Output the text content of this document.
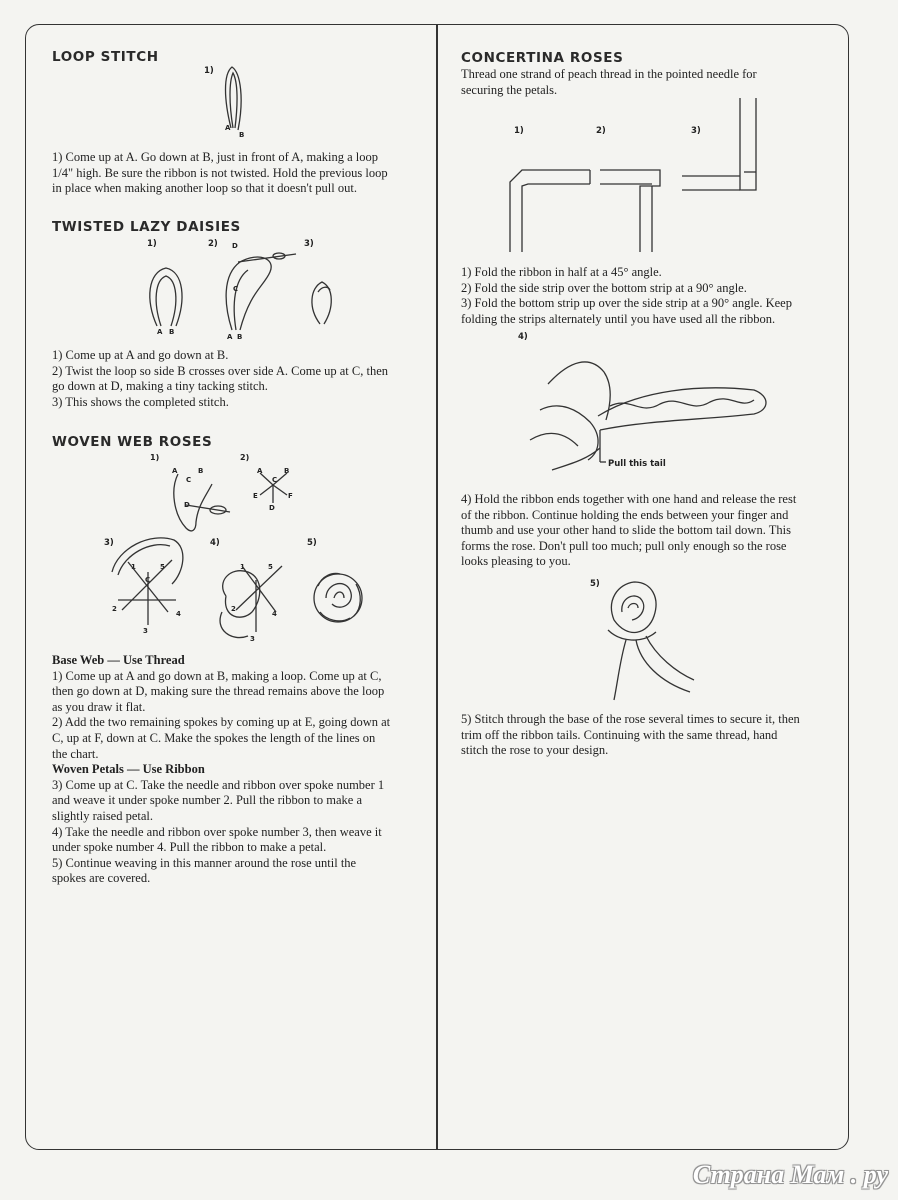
LOOP STITCH
1)
A
B
1) Come up at A. Go down at B, just in front of A, making a loop
1/4" high. Be sure the ribbon is not twisted. Hold the previous loop
in place when making another loop so that it doesn't pull out.
TWISTED LAZY DAISIES
1)	2) D	3)
C
A B
A B
1) Come up at A and go down at B.
2) Twist the loop so side B crosses over side A. Come up at C, then
go down at D, making a tiny tacking stitch.
3) This shows the completed stitch.
WOVEN WEB ROSES
1)
A	B
C
D
2)
A	B
C
E	F
D
3)
1	5
C
2
4
3
4)
1	5
2
4
3
5)
Base Web — Use Thread
1) Come up at A and go down at B, making a loop. Come up at C,
then go down at D, making sure the thread remains above the loop
as you draw it flat.
2) Add the two remaining spokes by coming up at E, going down at
C, up at F, down at C. Make the spokes the length of the lines on
the chart.
Woven Petals — Use Ribbon
3) Come up at C. Take the needle and ribbon over spoke number 1
and weave it under spoke number 2. Pull the ribbon to make a
slightly raised petal.
4) Take the needle and ribbon over spoke number 3, then weave it
under spoke number 4. Pull the ribbon to make a petal.
5) Continue weaving in this manner around the rose until the
spokes are covered.
CONCERTINA ROSES
Thread one strand of peach thread in the pointed needle for
securing the petals.
1)	2)	3)
1) Fold the ribbon in half at a 45° angle.
2) Fold the side strip over the bottom strip at a 90° angle.
3) Fold the bottom strip up over the side strip at a 90° angle. Keep
folding the strips alternately until you have used all the ribbon.
4)
Pull this tail
4) Hold the ribbon ends together with one hand and release the rest
of the ribbon. Continue holding the ends between your finger and
thumb and use your other hand to slide the bottom tail down. This
forms the rose. Don't pull too much; pull only enough so the rose
looks pleasing to you.
5)
5) Stitch through the base of the rose several times to secure it, then
trim off the ribbon tails. Continuing with the same thread, hand
stitch the rose to your design.
Страна Мам . ру
